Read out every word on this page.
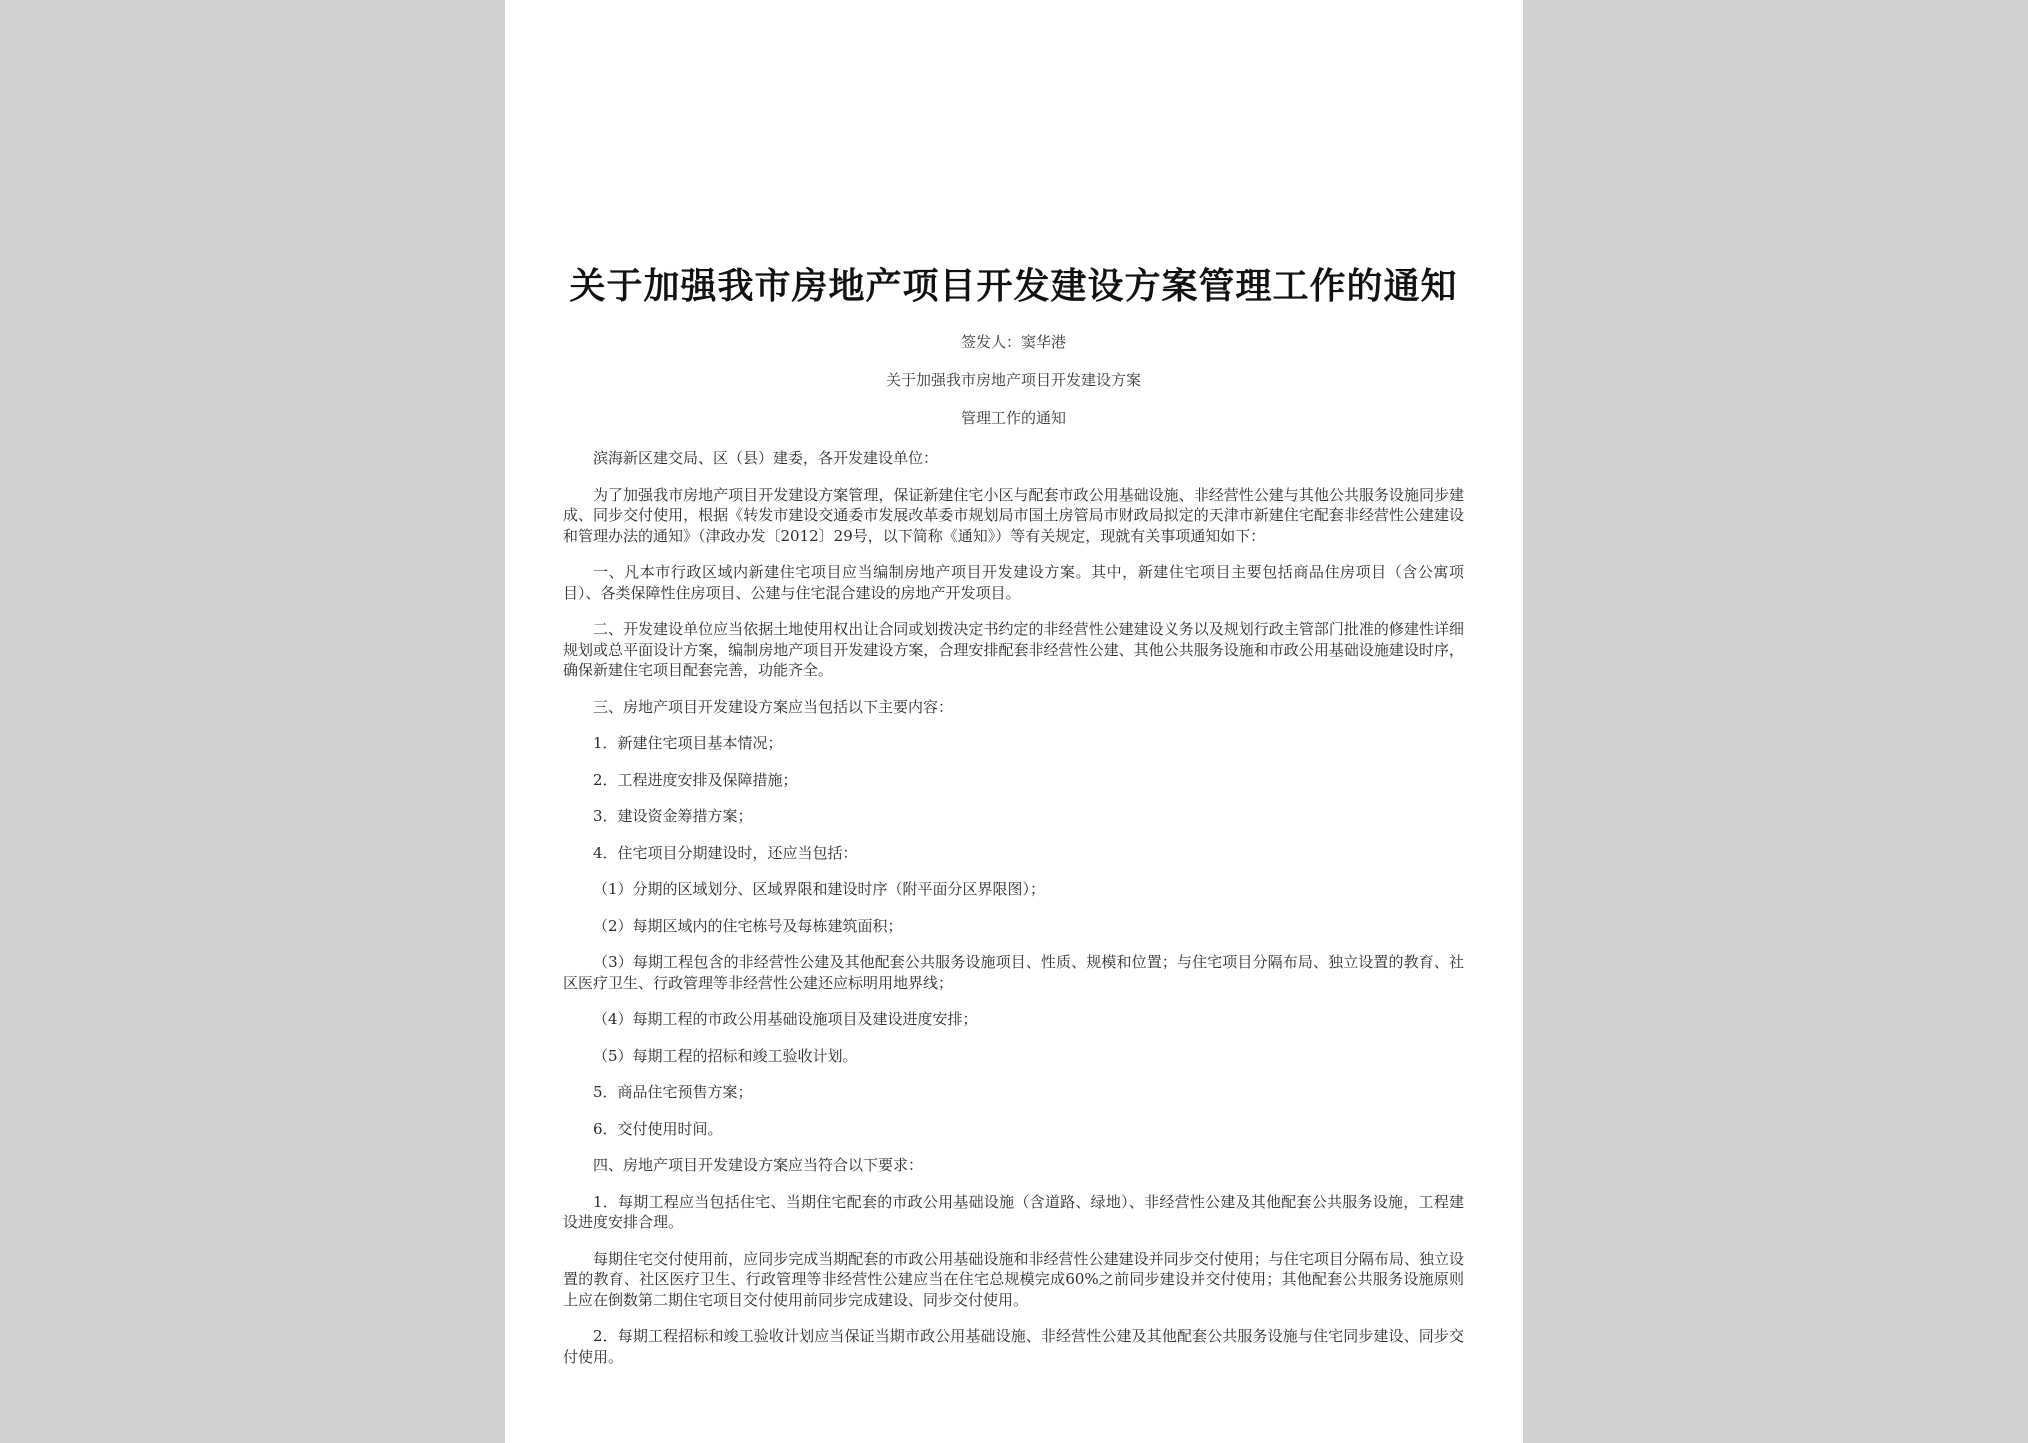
关于加强我市房地产项目开发建设方案管理工作的通知

签发人：窦华港

关于加强我市房地产项目开发建设方案

管理工作的通知

滨海新区建交局、区（县）建委，各开发建设单位：

为了加强我市房地产项目开发建设方案管理，保证新建住宅小区与配套市政公用基础设施、非经营性公建与其他公共服务设施同步建成、同步交付使用，根据《转发市建设交通委市发展改革委市规划局市国土房管局市财政局拟定的天津市新建住宅配套非经营性公建建设和管理办法的通知》（津政办发〔2012〕29号，以下简称《通知》）等有关规定，现就有关事项通知如下：

一、凡本市行政区域内新建住宅项目应当编制房地产项目开发建设方案。其中，新建住宅项目主要包括商品住房项目（含公寓项目）、各类保障性住房项目、公建与住宅混合建设的房地产开发项目。

二、开发建设单位应当依据土地使用权出让合同或划拨决定书约定的非经营性公建建设义务以及规划行政主管部门批准的修建性详细规划或总平面设计方案，编制房地产项目开发建设方案，合理安排配套非经营性公建、其他公共服务设施和市政公用基础设施建设时序，确保新建住宅项目配套完善，功能齐全。

三、房地产项目开发建设方案应当包括以下主要内容：

1．新建住宅项目基本情况；

2．工程进度安排及保障措施；

3．建设资金筹措方案；

4．住宅项目分期建设时，还应当包括：

（1）分期的区域划分、区域界限和建设时序（附平面分区界限图）；

（2）每期区域内的住宅栋号及每栋建筑面积；

（3）每期工程包含的非经营性公建及其他配套公共服务设施项目、性质、规模和位置；与住宅项目分隔布局、独立设置的教育、社区医疗卫生、行政管理等非经营性公建还应标明用地界线；

（4）每期工程的市政公用基础设施项目及建设进度安排；

（5）每期工程的招标和竣工验收计划。

5．商品住宅预售方案；

6．交付使用时间。

四、房地产项目开发建设方案应当符合以下要求：

1．每期工程应当包括住宅、当期住宅配套的市政公用基础设施（含道路、绿地）、非经营性公建及其他配套公共服务设施，工程建设进度安排合理。

每期住宅交付使用前，应同步完成当期配套的市政公用基础设施和非经营性公建建设并同步交付使用；与住宅项目分隔布局、独立设置的教育、社区医疗卫生、行政管理等非经营性公建应当在住宅总规模完成60%之前同步建设并交付使用；其他配套公共服务设施原则上应在倒数第二期住宅项目交付使用前同步完成建设、同步交付使用。

2．每期工程招标和竣工验收计划应当保证当期市政公用基础设施、非经营性公建及其他配套公共服务设施与住宅同步建设、同步交付使用。
